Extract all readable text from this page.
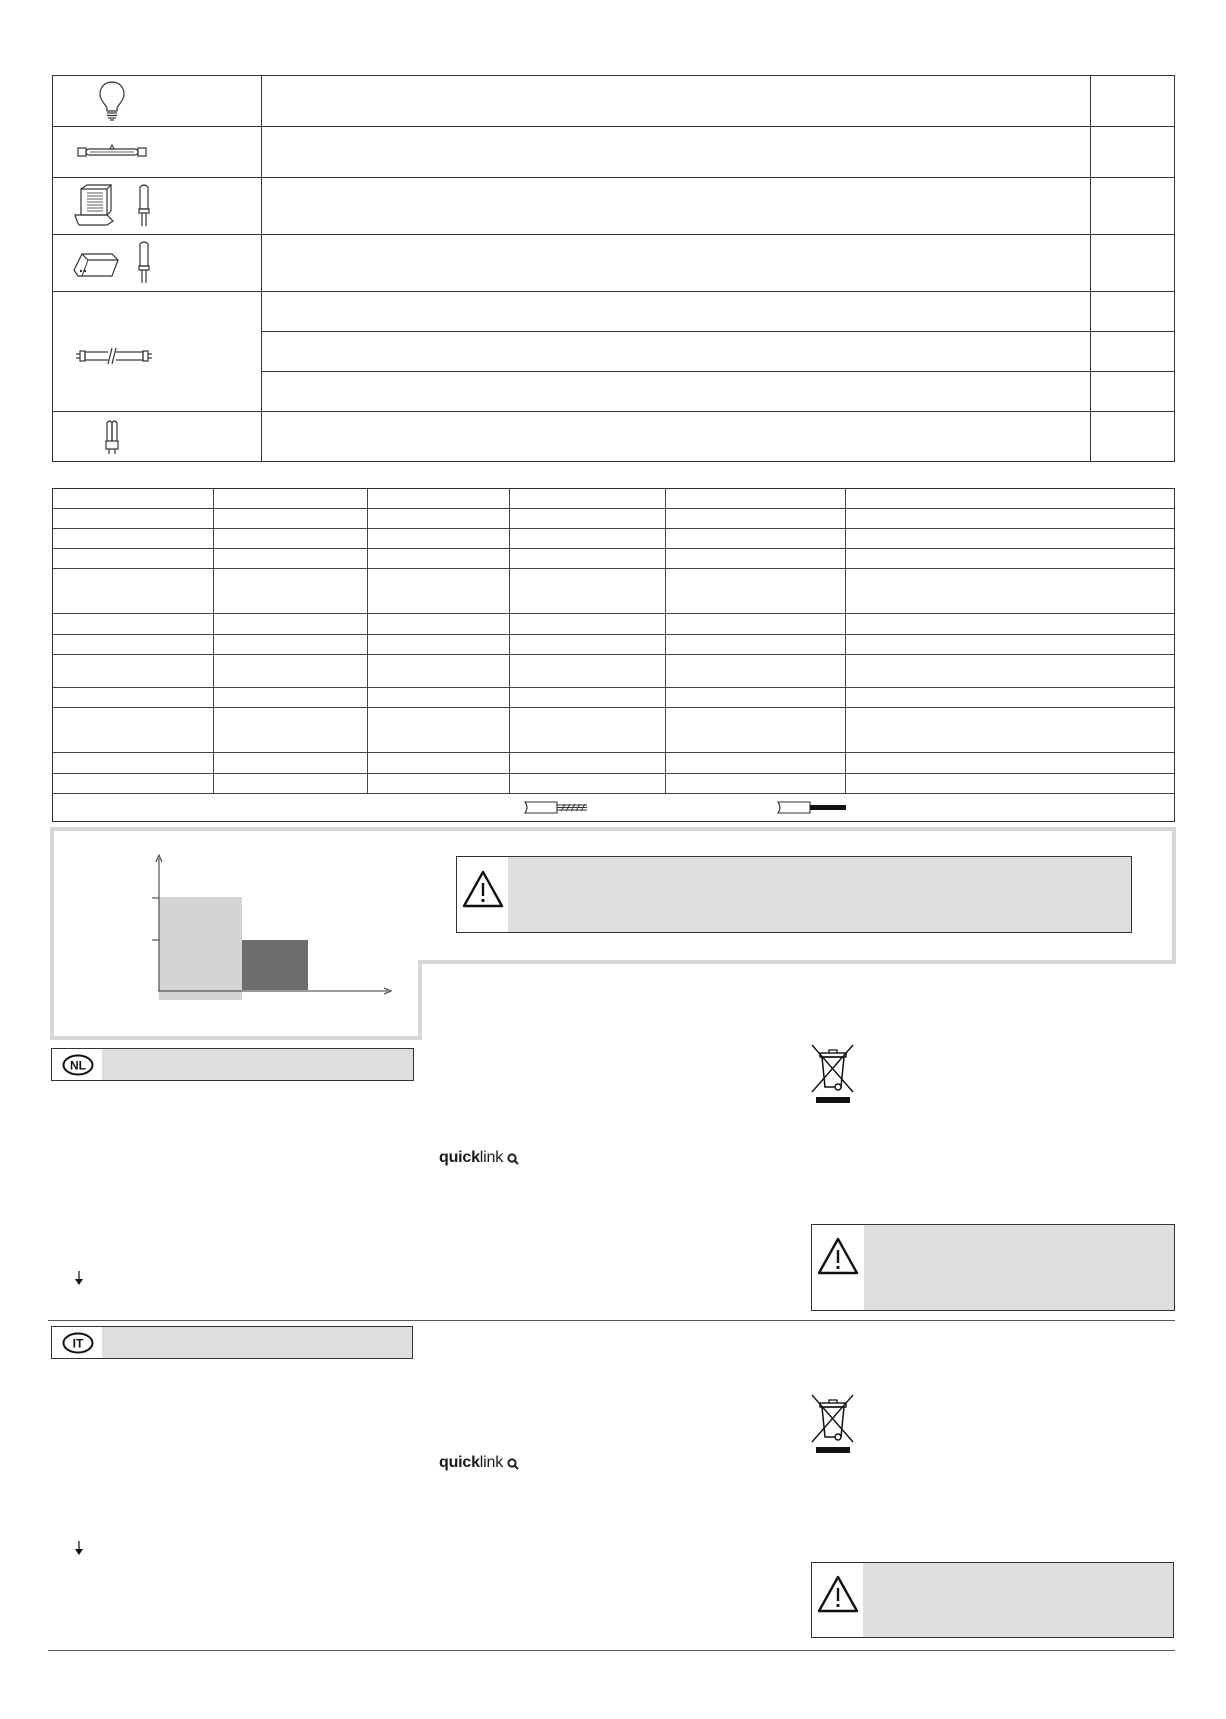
NL
quicklink
IT
quicklink
